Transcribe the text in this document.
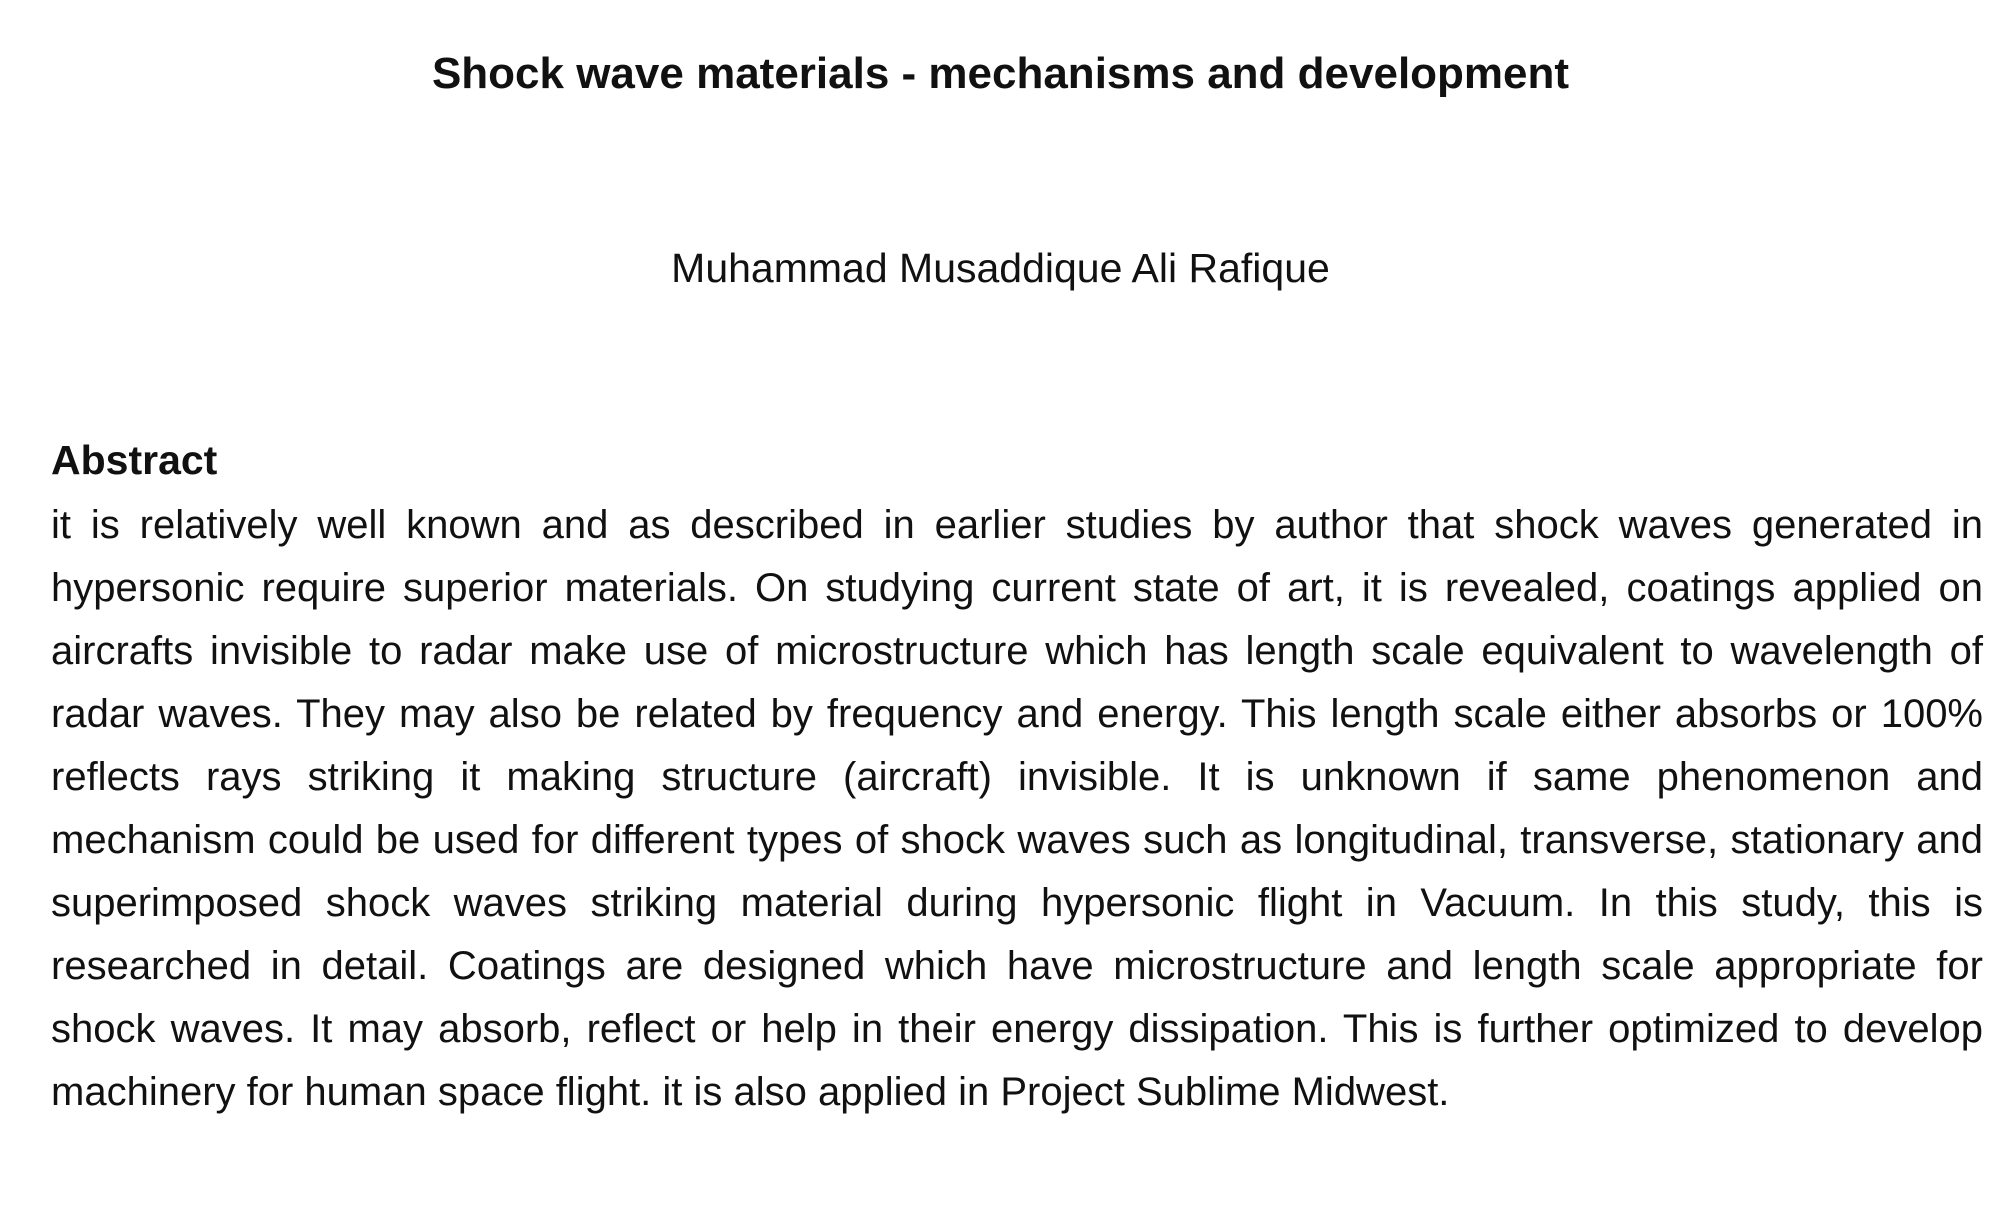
Shock wave materials - mechanisms and development

Muhammad Musaddique Ali Rafique

Abstract

it is relatively well known and as described in earlier studies by author that shock waves generated in hypersonic require superior materials. On studying current state of art, it is revealed, coatings applied on aircrafts invisible to radar make use of microstructure which has length scale equivalent to wavelength of radar waves. They may also be related by frequency and energy. This length scale either absorbs or 100% reflects rays striking it making structure (aircraft) invisible. It is unknown if same phenomenon and mechanism could be used for different types of shock waves such as longitudinal, transverse, stationary and superimposed shock waves striking material during hypersonic flight in Vacuum. In this study, this is researched in detail. Coatings are designed which have microstructure and length scale appropriate for shock waves. It may absorb, reflect or help in their energy dissipation. This is further optimized to develop machinery for human space flight. it is also applied in Project Sublime Midwest.
